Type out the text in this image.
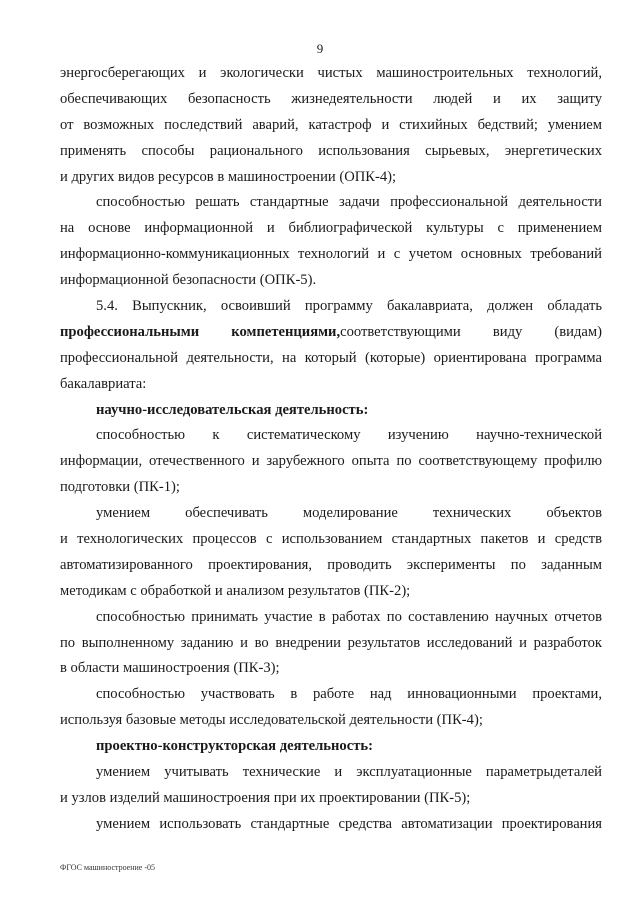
9
энергосберегающих и экологически чистых машиностроительных технологий,
обеспечивающих безопасность жизнедеятельности людей и их защиту
от возможных последствий аварий, катастроф и стихийных бедствий; умением
применять способы рационального использования сырьевых, энергетических
и других видов ресурсов в машиностроении (ОПК-4);
способностью решать стандартные задачи профессиональной деятельности
на основе информационной и библиографической культуры с применением
информационно-коммуникационных технологий и с учетом основных требований
информационной безопасности (ОПК-5).
5.4. Выпускник, освоивший программу бакалавриата, должен обладать
профессиональными компетенциями,соответствующими виду (видам)
профессиональной деятельности, на который (которые) ориентирована программа
бакалавриата:
научно-исследовательская деятельность:
способностью к систематическому изучению научно-технической
информации, отечественного и зарубежного опыта по соответствующему профилю
подготовки (ПК-1);
умением обеспечивать моделирование технических объектов
и технологических процессов с использованием стандартных пакетов и средств
автоматизированного проектирования, проводить эксперименты по заданным
методикам с обработкой и анализом результатов (ПК-2);
способностью принимать участие в работах по составлению научных отчетов
по выполненному заданию и во внедрении результатов исследований и разработок
в области машиностроения (ПК-3);
способностью участвовать в работе над инновационными проектами,
используя базовые методы исследовательской деятельности (ПК-4);
проектно-конструкторская деятельность:
умением учитывать технические и эксплуатационные параметрыдеталей
и узлов изделий машиностроения при их проектировании (ПК-5);
умением использовать стандартные средства автоматизации проектирования
ФГОС машиностроение -05
